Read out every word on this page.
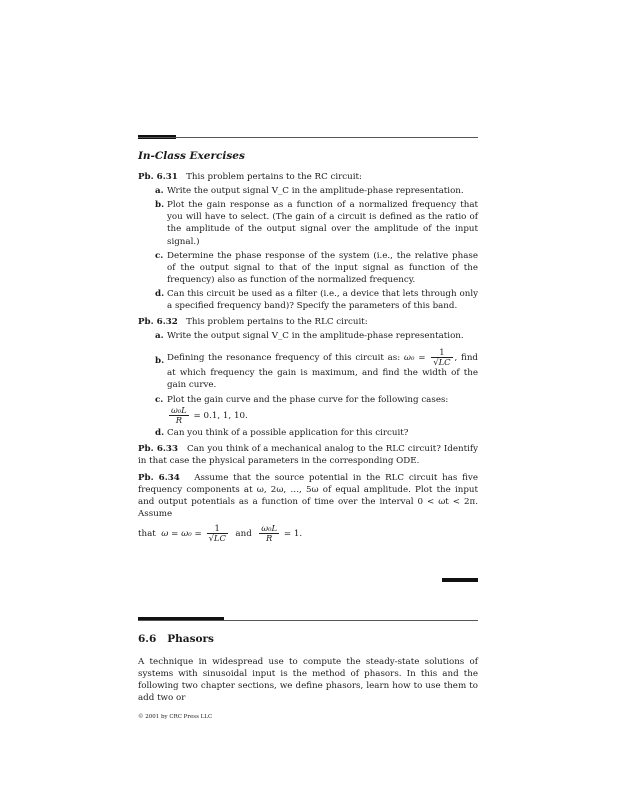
In-Class Exercises

Pb. 6.31 This problem pertains to the RC circuit:

a. Write the output signal V_C in the amplitude-phase representation.
b. Plot the gain response as a function of a normalized frequency that you will have to select. (The gain of a circuit is defined as the ratio of the amplitude of the output signal over the amplitude of the input signal.)
c. Determine the phase response of the system (i.e., the relative phase of the output signal to that of the input signal as function of the frequency) also as function of the normalized frequency.
d. Can this circuit be used as a filter (i.e., a device that lets through only a specified frequency band)? Specify the parameters of this band.

Pb. 6.32 This problem pertains to the RLC circuit:

a. Write the output signal V_C in the amplitude-phase representation.
b. Defining the resonance frequency of this circuit as: $\omega_0 = \frac{1}{√LC}$ , find at which frequency the gain is maximum, and find the width of the gain curve.
c. Plot the gain curve and the phase curve for the following cases:

$\frac{\text{ω₀L}}{R} = 0.1$, 1, 10.
d. Can you think of a possible application for this circuit?

Pb. 6.33 Can you think of a mechanical analog to the RLC circuit? Identify in that case the physical parameters in the corresponding ODE.

Pb. 6.34 Assume that the source potential in the RLC circuit has five frequency components at ω, 2ω, …, 5ω of equal amplitude. Plot the input and output potentials as a function of time over the interval 0 < ωt < 2π. Assume

that $\omega = \omega_0 = \frac{1}{√LC}$ and $\frac{\text{ω₀L}}{R} = 1$.

6.6 Phasors
A technique in widespread use to compute the steady-state solutions of systems with sinusoidal input is the method of phasors. In this and the following two chapter sections, we define phasors, learn how to use them to add two or
© 2001 by CRC Press LLC
